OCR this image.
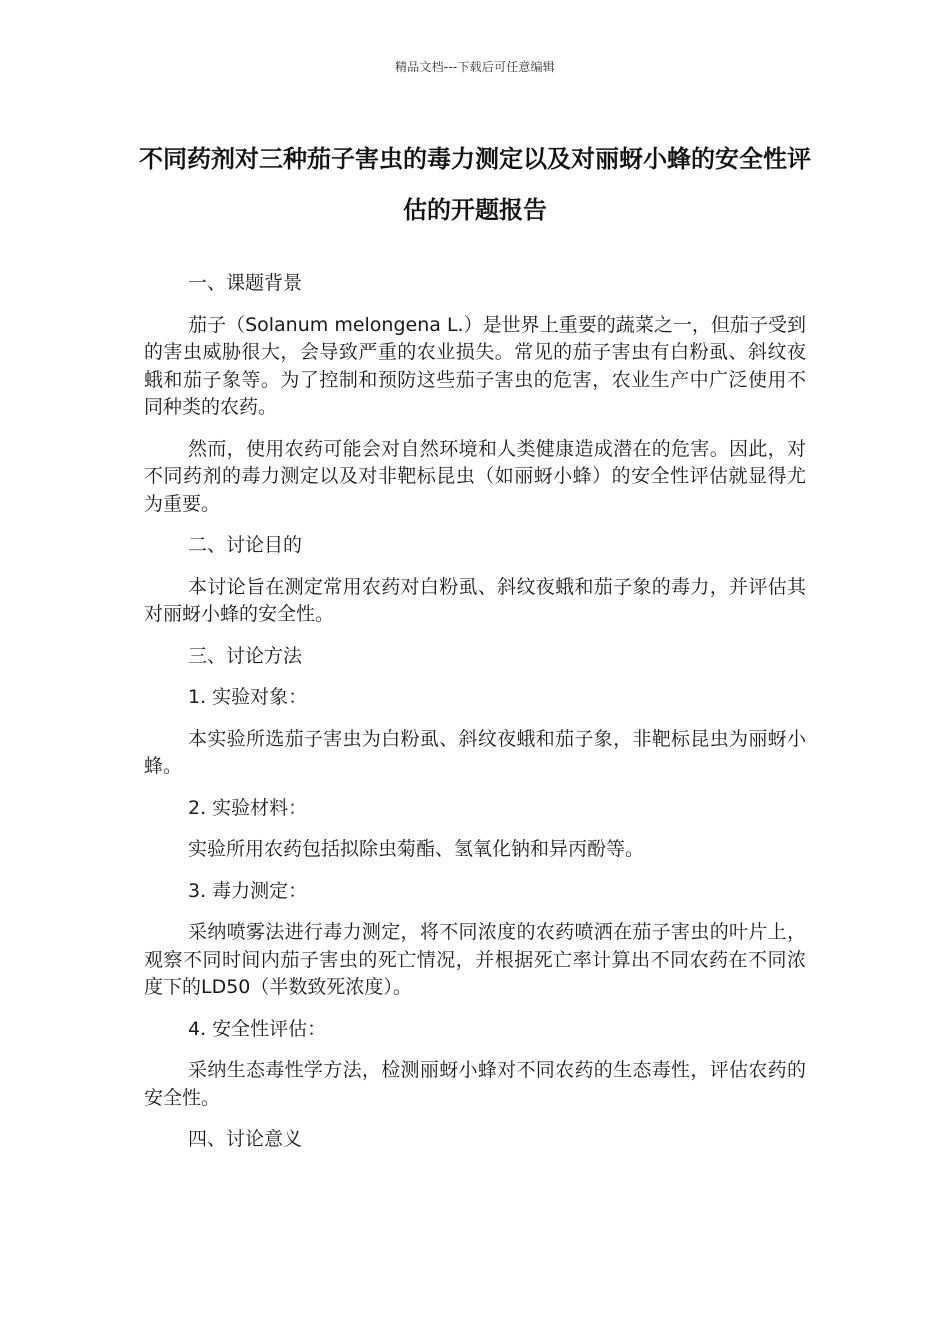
精品文档---下载后可任意编辑
不同药剂对三种茄子害虫的毒力测定以及对丽蚜小蜂的安全性评估的开题报告

一、课题背景

茄子（Solanum melongena L.）是世界上重要的蔬菜之一，但茄子受到的害虫威胁很大，会导致严重的农业损失。常见的茄子害虫有白粉虱、斜纹夜蛾和茄子象等。为了控制和预防这些茄子害虫的危害，农业生产中广泛使用不同种类的农药。

然而，使用农药可能会对自然环境和人类健康造成潜在的危害。因此，对不同药剂的毒力测定以及对非靶标昆虫（如丽蚜小蜂）的安全性评估就显得尤为重要。

二、讨论目的

本讨论旨在测定常用农药对白粉虱、斜纹夜蛾和茄子象的毒力，并评估其对丽蚜小蜂的安全性。

三、讨论方法

1. 实验对象：

本实验所选茄子害虫为白粉虱、斜纹夜蛾和茄子象，非靶标昆虫为丽蚜小蜂。

2. 实验材料：

实验所用农药包括拟除虫菊酯、氢氧化钠和异丙酚等。

3. 毒力测定：

采纳喷雾法进行毒力测定，将不同浓度的农药喷洒在茄子害虫的叶片上，观察不同时间内茄子害虫的死亡情况，并根据死亡率计算出不同农药在不同浓度下的LD50（半数致死浓度）。

4. 安全性评估：

采纳生态毒性学方法，检测丽蚜小蜂对不同农药的生态毒性，评估农药的安全性。

四、讨论意义
